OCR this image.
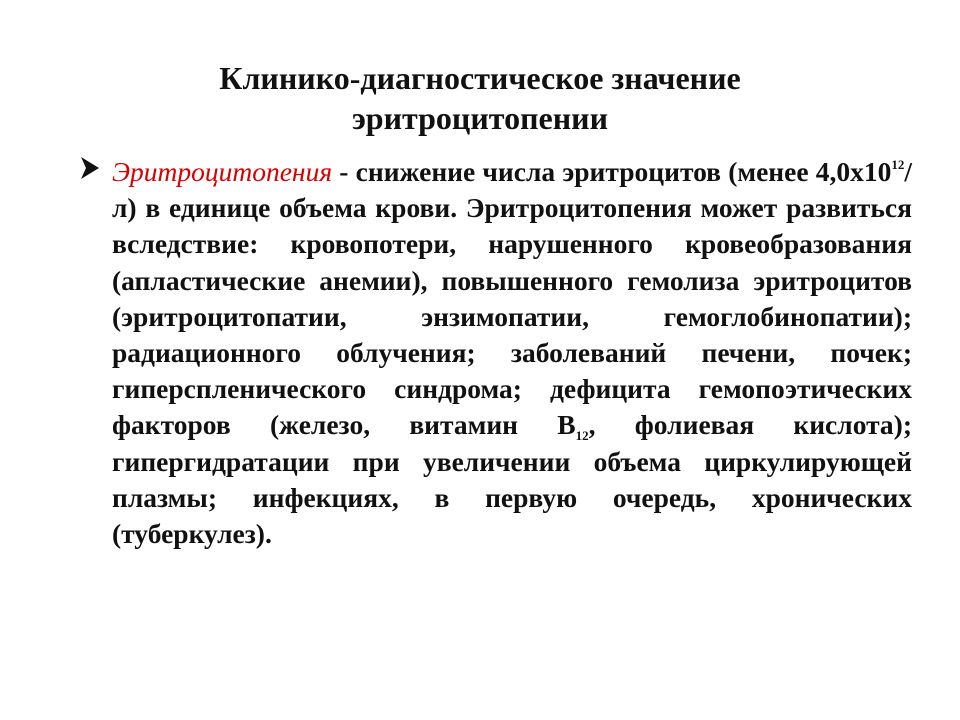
Клинико-диагностическое значение
эритроцитопении
Эритроцитопения - снижение числа эритроцитов (менее $4,0х10^{12}/л$) в единице объема крови. Эритроцитопения может развиться вследствие: кровопотери, нарушенного кровеобразования (апластические анемии), повышенного гемолиза эритроцитов (эритроцитопатии, энзимопатии, гемоглобинопатии); радиационного облучения; заболеваний печени, почек; гиперспленического синдрома; дефицита гемопоэтических факторов (железо, витамин $В_{12}$, фолиевая кислота); гипергидратации при увеличении объема циркулирующей плазмы; инфекциях, в первую очередь, хронических (туберкулез).
